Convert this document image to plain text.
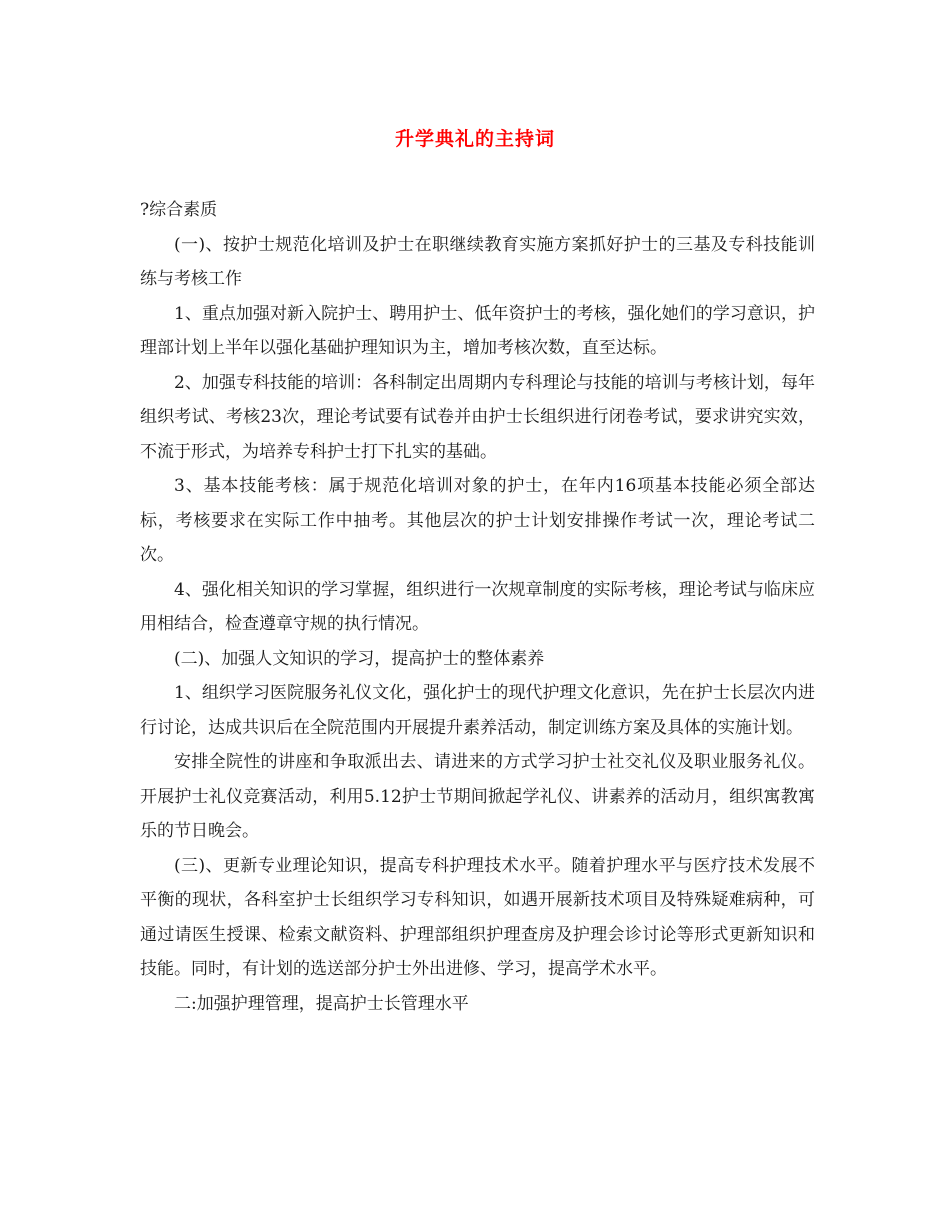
升学典礼的主持词

?综合素质

(一)、按护士规范化培训及护士在职继续教育实施方案抓好护士的三基及专科技能训练与考核工作

1、重点加强对新入院护士、聘用护士、低年资护士的考核，强化她们的学习意识，护理部计划上半年以强化基础护理知识为主，增加考核次数，直至达标。

2、加强专科技能的培训：各科制定出周期内专科理论与技能的培训与考核计划，每年组织考试、考核23次，理论考试要有试卷并由护士长组织进行闭卷考试，要求讲究实效，不流于形式，为培养专科护士打下扎实的基础。

3、基本技能考核：属于规范化培训对象的护士，在年内16项基本技能必须全部达标，考核要求在实际工作中抽考。其他层次的护士计划安排操作考试一次，理论考试二次。

4、强化相关知识的学习掌握，组织进行一次规章制度的实际考核，理论考试与临床应用相结合，检查遵章守规的执行情况。

(二)、加强人文知识的学习，提高护士的整体素养

1、组织学习医院服务礼仪文化，强化护士的现代护理文化意识，先在护士长层次内进行讨论，达成共识后在全院范围内开展提升素养活动，制定训练方案及具体的实施计划。

安排全院性的讲座和争取派出去、请进来的方式学习护士社交礼仪及职业服务礼仪。开展护士礼仪竞赛活动，利用5.12护士节期间掀起学礼仪、讲素养的活动月，组织寓教寓乐的节日晚会。

(三)、更新专业理论知识，提高专科护理技术水平。随着护理水平与医疗技术发展不平衡的现状，各科室护士长组织学习专科知识，如遇开展新技术项目及特殊疑难病种，可通过请医生授课、检索文献资料、护理部组织护理查房及护理会诊讨论等形式更新知识和技能。同时，有计划的选送部分护士外出进修、学习，提高学术水平。

二:加强护理管理，提高护士长管理水平
